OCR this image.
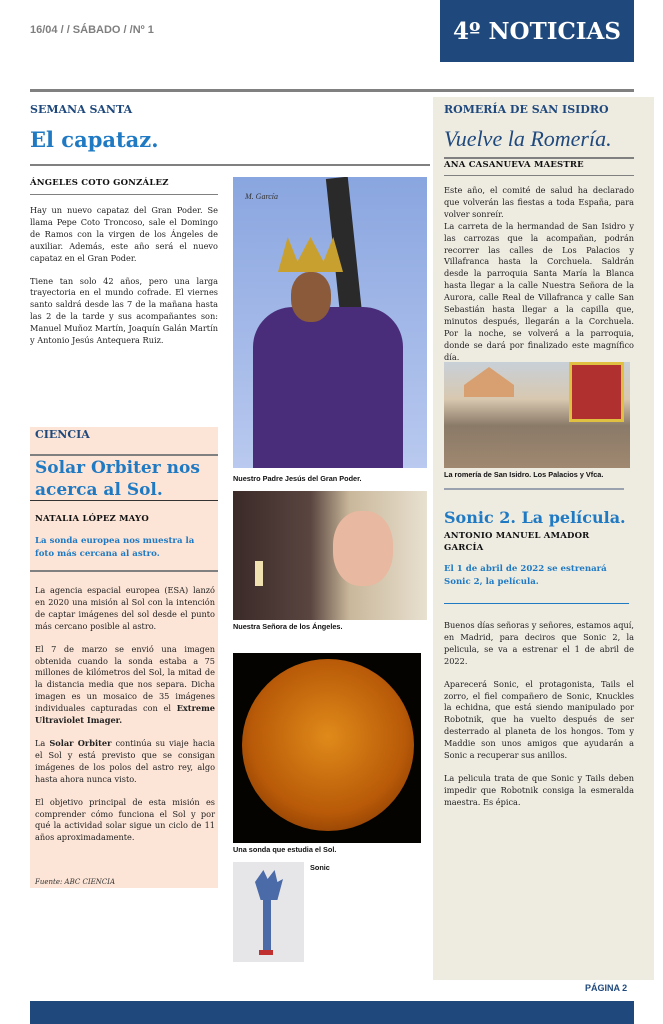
16/04 / / SÁBADO / /Nº 1	4º NOTICIAS
SEMANA SANTA
El capataz.
ÁNGELES COTO GONZÁLEZ

Hay un nuevo capataz del Gran Poder. Se llama Pepe Coto Troncoso, sale el Domingo de Ramos con la virgen de los Ángeles de auxiliar. Además, este año será el nuevo capataz en el Gran Poder.

Tiene tan solo 42 años, pero una larga trayectoria en el mundo cofrade. El viernes santo saldrá desde las 7 de la mañana hasta las 2 de la tarde y sus acompañantes son: Manuel Muñoz Martín, Joaquín Galán Martín y Antonio Jesús Antequera Ruiz.

CIENCIA
Solar Orbiter nos acerca al Sol.
NATALIA LÓPEZ MAYO
La sonda europea nos muestra la foto más cercana al astro.

La agencia espacial europea (ESA) lanzó en 2020 una misión al Sol con la intención de captar imágenes del sol desde el punto más cercano posible al astro.

El 7 de marzo se envió una imagen obtenida cuando la sonda estaba a 75 millones de kilómetros del Sol, la mitad de la distancia media que nos separa. Dicha imagen es un mosaico de 35 imágenes individuales capturadas con el Extreme Ultraviolet Imager.

La Solar Orbiter continúa su viaje hacia el Sol y está previsto que se consigan imágenes de los polos del astro rey, algo hasta ahora nunca visto.

El objetivo principal de esta misión es comprender cómo funciona el Sol y por qué la actividad solar sigue un ciclo de 11 años aproximadamente.

Fuente: ABC CIENCIA
M. García
Nuestro Padre Jesús del Gran Poder.
Nuestra Señora de los Ángeles.
Una sonda que estudia el Sol.
Sonic
ROMERÍA DE SAN ISIDRO
Vuelve la Romería.
ANA CASANUEVA MAESTRE
Este año, el comité de salud ha declarado que volverán las fiestas a toda España, para volver sonreír.
La carreta de la hermandad de San Isidro y las carrozas que la acompañan, podrán recorrer las calles de Los Palacios y Villafranca hasta la Corchuela. Saldrán desde la parroquia Santa María la Blanca hasta llegar a la calle Nuestra Señora de la Aurora, calle Real de Villafranca y calle San Sebastián hasta llegar a la capilla que, minutos después, llegarán a la Corchuela. Por la noche, se volverá a la parroquia, donde se dará por finalizado este magnífico día.
La romería de San Isidro. Los Palacios y Vfca.
Sonic 2. La película.
ANTONIO MANUEL AMADOR GARCÍA
El 1 de abril de 2022 se estrenará Sonic 2, la película.

Buenos días señoras y señores, estamos aquí, en Madrid, para deciros que Sonic 2, la pelicula, se va a estrenar el 1 de abril de 2022.

Aparecerá Sonic, el protagonista, Tails el zorro, el fiel compañero de Sonic, Knuckles la echidna, que está siendo manipulado por Robotnik, que ha vuelto después de ser desterrado al planeta de los hongos. Tom y Maddie son unos amigos que ayudarán a Sonic a recuperar sus anillos.

La pelicula trata de que Sonic y Tails deben impedir que Robotnik consiga la esmeralda maestra. Es épica.

PÁGINA 2
